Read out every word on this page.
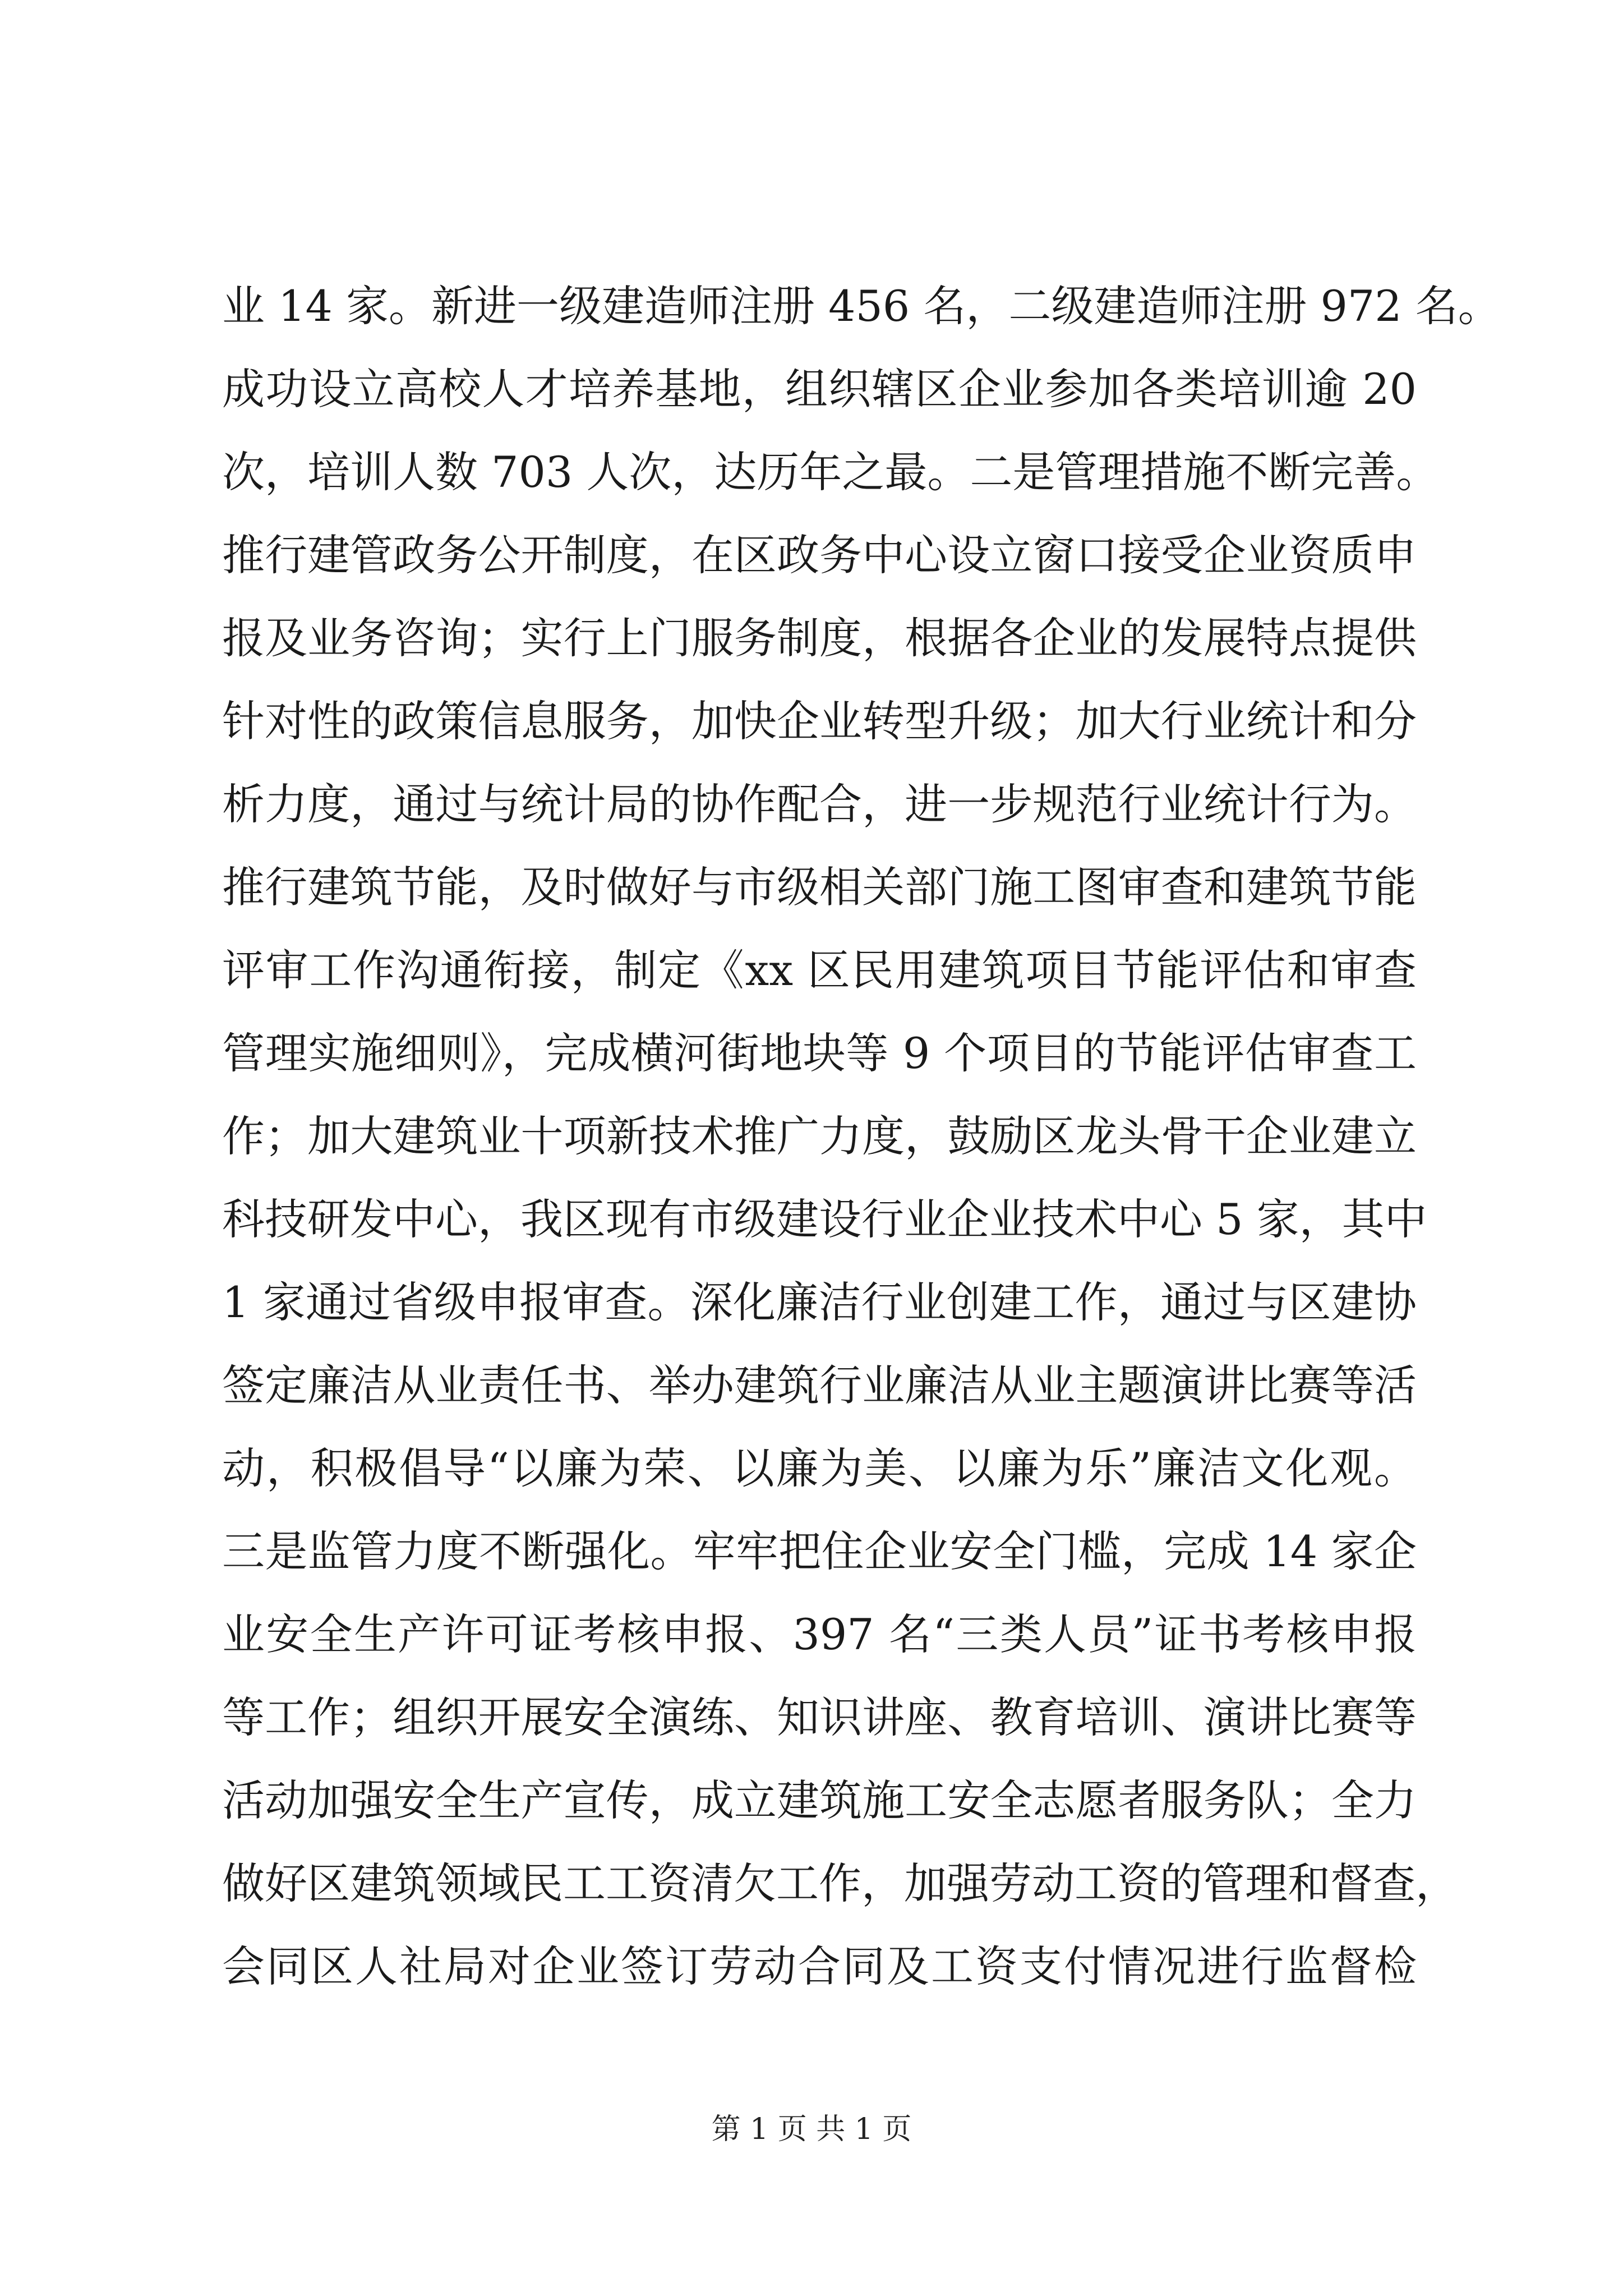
业 14 家。新进一级建造师注册 456 名，二级建造师注册 972 名。
成功设立高校人才培养基地，组织辖区企业参加各类培训逾 20
次，培训人数 703 人次，达历年之最。二是管理措施不断完善。
推行建管政务公开制度，在区政务中心设立窗口接受企业资质申
报及业务咨询；实行上门服务制度，根据各企业的发展特点提供
针对性的政策信息服务，加快企业转型升级；加大行业统计和分
析力度，通过与统计局的协作配合，进一步规范行业统计行为。
推行建筑节能，及时做好与市级相关部门施工图审查和建筑节能
评审工作沟通衔接，制定《xx 区民用建筑项目节能评估和审查
管理实施细则》，完成横河街地块等 9 个项目的节能评估审查工
作；加大建筑业十项新技术推广力度，鼓励区龙头骨干企业建立
科技研发中心，我区现有市级建设行业企业技术中心 5 家，其中
1 家通过省级申报审查。深化廉洁行业创建工作，通过与区建协
签定廉洁从业责任书、举办建筑行业廉洁从业主题演讲比赛等活
动，积极倡导“以廉为荣、以廉为美、以廉为乐”廉洁文化观。
三是监管力度不断强化。牢牢把住企业安全门槛，完成 14 家企
业安全生产许可证考核申报、397 名“三类人员”证书考核申报
等工作；组织开展安全演练、知识讲座、教育培训、演讲比赛等
活动加强安全生产宣传，成立建筑施工安全志愿者服务队；全力
做好区建筑领域民工工资清欠工作，加强劳动工资的管理和督查，
会同区人社局对企业签订劳动合同及工资支付情况进行监督检
第 1 页 共 1 页
